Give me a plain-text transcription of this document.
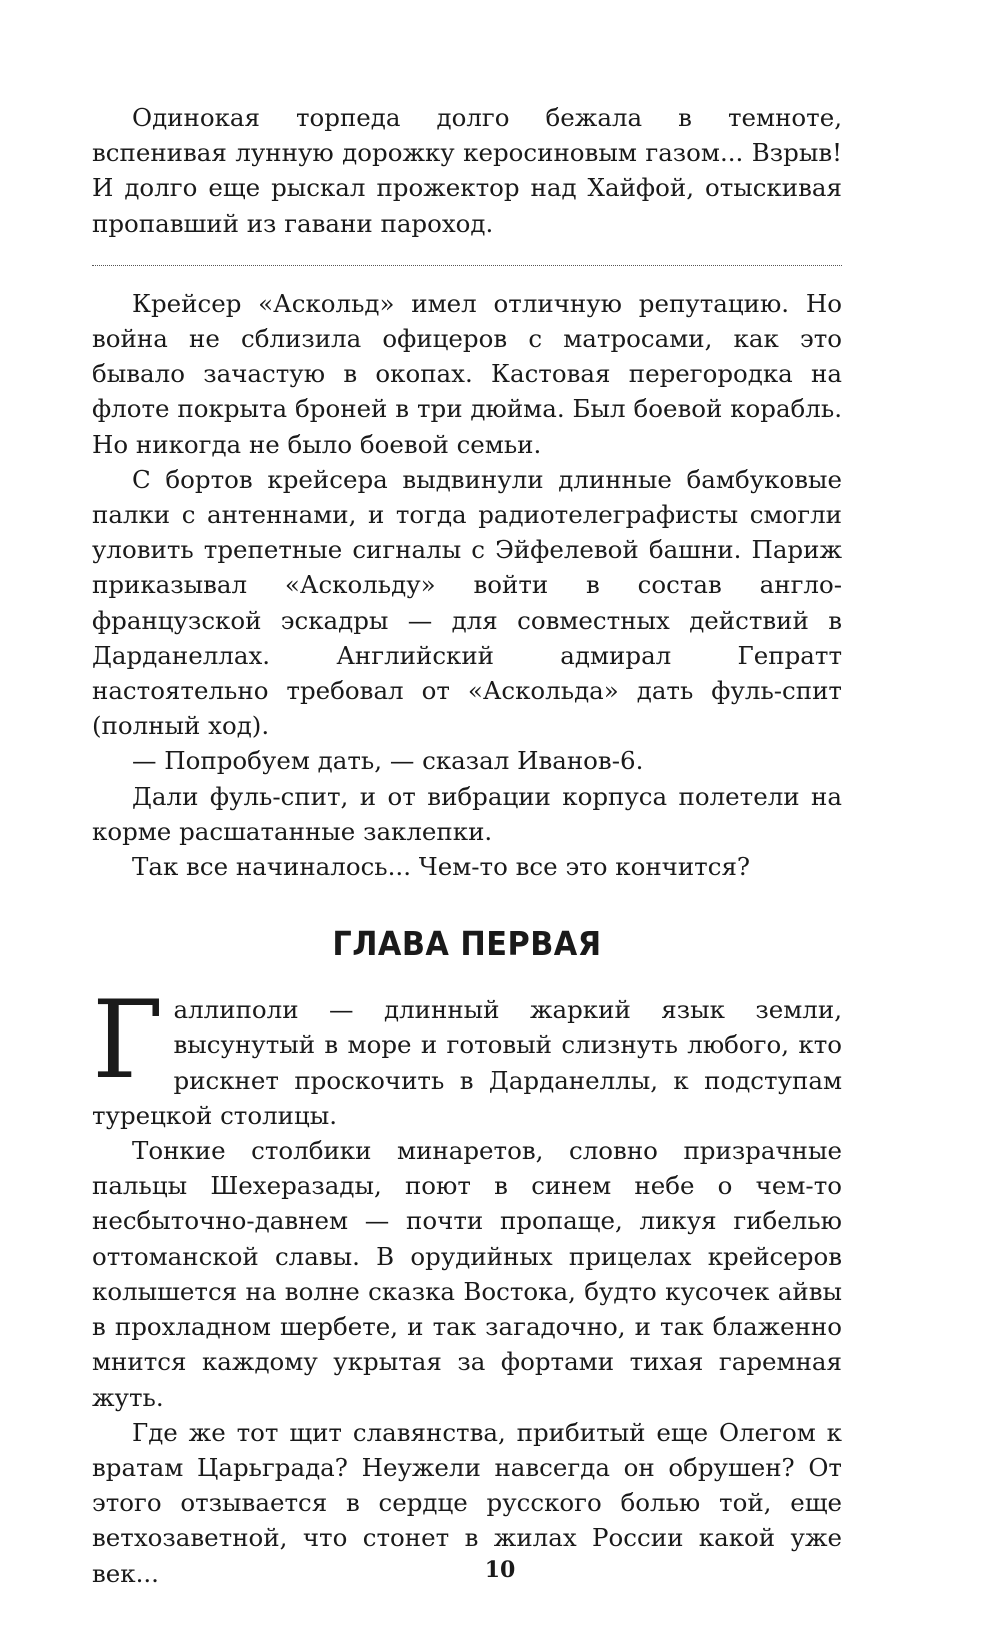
Одинокая торпеда долго бежала в темноте, вспенивая лунную дорожку керосиновым газом... Взрыв! И долго еще рыскал прожектор над Хайфой, отыскивая пропавший из гавани пароход.

Крейсер «Аскольд» имел отличную репутацию. Но война не сблизила офицеров с матросами, как это бывало зачастую в окопах. Кастовая перегородка на флоте покрыта броней в три дюйма. Был боевой корабль. Но никогда не было боевой семьи.

С бортов крейсера выдвинули длинные бамбуковые палки с антеннами, и тогда радиотелеграфисты смогли уловить трепетные сигналы с Эйфелевой башни. Париж приказывал «Аскольду» войти в состав англо-французской эскадры — для совместных действий в Дарданеллах. Английский адмирал Гепратт настоятельно требовал от «Аскольда» дать фуль-спит (полный ход).

— Попробуем дать, — сказал Иванов-6.

Дали фуль-спит, и от вибрации корпуса полетели на корме расшатанные заклепки.

Так все начиналось... Чем-то все это кончится?

ГЛАВА ПЕРВАЯ

Галлиполи — длинный жаркий язык земли, высунутый в море и готовый слизнуть любого, кто рискнет проскочить в Дарданеллы, к подступам турецкой столицы.

Тонкие столбики минаретов, словно призрачные пальцы Шехеразады, поют в синем небе о чем-то несбыточно-давнем — почти пропаще, ликуя гибелью оттоманской славы. В орудийных прицелах крейсеров колышется на волне сказка Востока, будто кусочек айвы в прохладном шербете, и так загадочно, и так блаженно мнится каждому укрытая за фортами тихая гаремная жуть.

Где же тот щит славянства, прибитый еще Олегом к вратам Царьграда? Неужели навсегда он обрушен? От этого отзывается в сердце русского болью той, еще ветхозаветной, что стонет в жилах России какой уже век...	10
